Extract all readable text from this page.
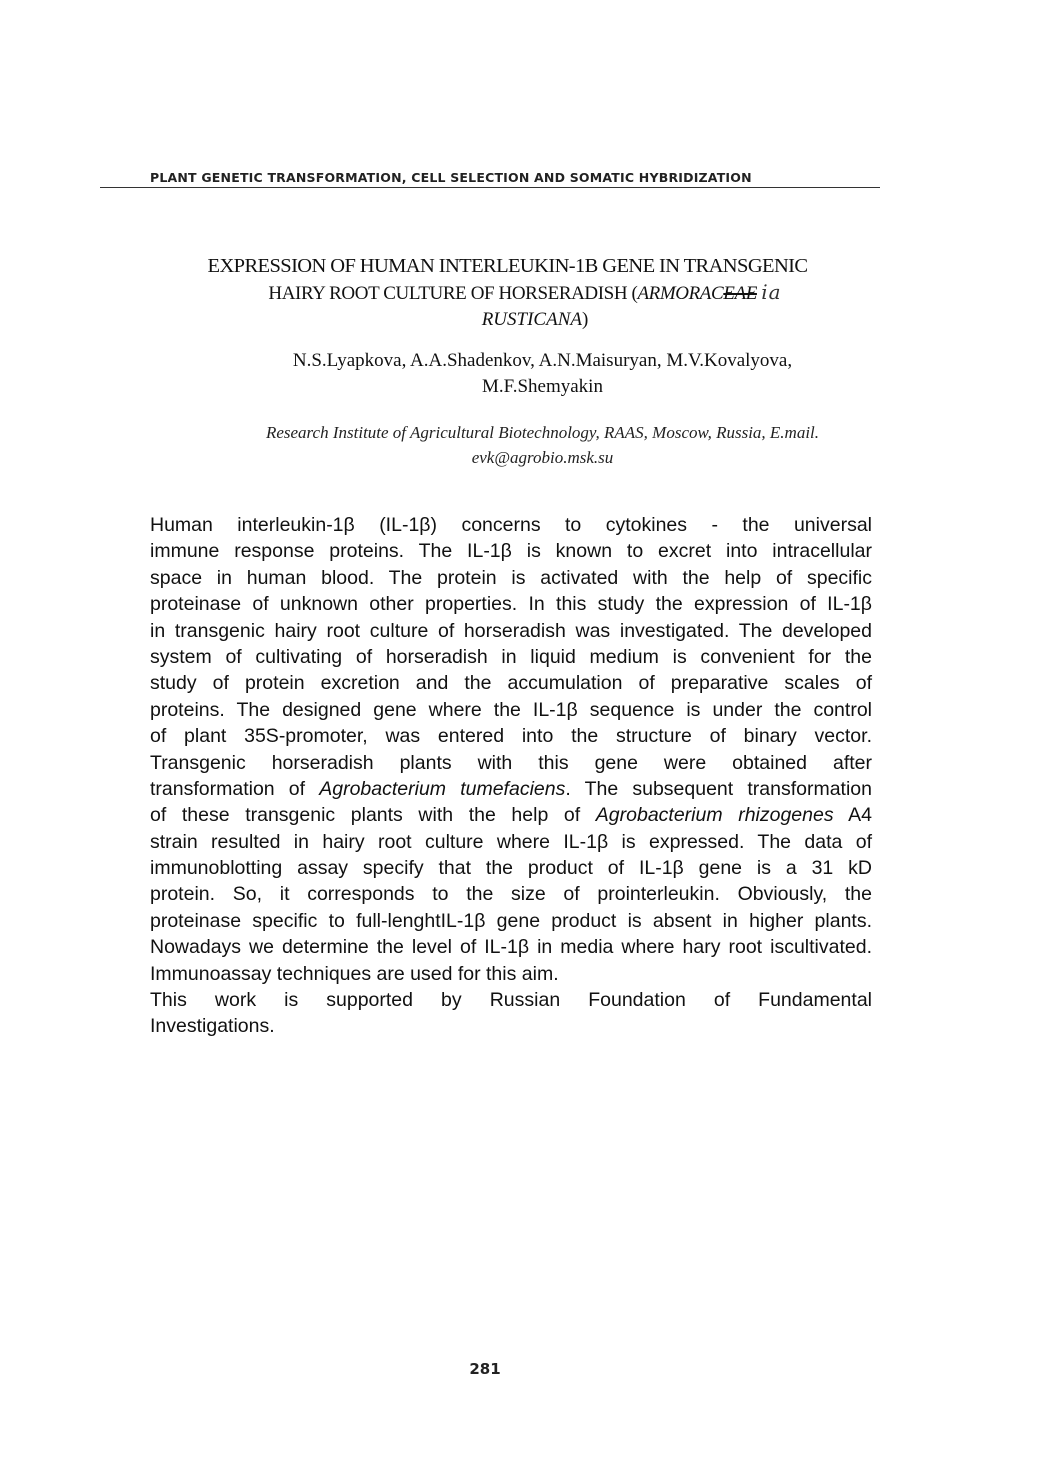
PLANT GENETIC TRANSFORMATION, CELL SELECTION AND SOMATIC HYBRIDIZATION
EXPRESSION OF HUMAN INTERLEUKIN-1B GENE IN TRANSGENIC
HAIRY ROOT CULTURE OF HORSERADISH (ARMORACEAE ia
RUSTICANA)
N.S.Lyapkova, A.A.Shadenkov, A.N.Maisuryan, M.V.Kovalyova,
M.F.Shemyakin
Research Institute of Agricultural Biotechnology, RAAS, Moscow, Russia, E.mail.
evk@agrobio.msk.su
Human interleukin-1β (IL-1β) concerns to cytokines - the universal
immune response proteins. The IL-1β is known to excret into intracellular
space in human blood. The protein is activated with the help of specific
proteinase of unknown other properties. In this study the expression of IL-1β
in transgenic hairy root culture of horseradish was investigated. The developed
system of cultivating of horseradish in liquid medium is convenient for the
study of protein excretion and the accumulation of preparative scales of
proteins. The designed gene where the IL-1β sequence is under the control
of plant 35S-promoter, was entered into the structure of binary vector.
Transgenic horseradish plants with this gene were obtained after
transformation of Agrobacterium tumefaciens. The subsequent transformation
of these transgenic plants with the help of Agrobacterium rhizogenes A4
strain resulted in hairy root culture where IL-1β is expressed. The data of
immunoblotting assay specify that the product of IL-1β gene is a 31 kD
protein. So, it corresponds to the size of prointerleukin. Obviously, the
proteinase specific to full-lenghtIL-1β gene product is absent in higher plants.
Nowadays we determine the level of IL-1β in media where hary root iscultivated.
Immunoassay techniques are used for this aim.
This work is supported by Russian Foundation of Fundamental
Investigations.
281
